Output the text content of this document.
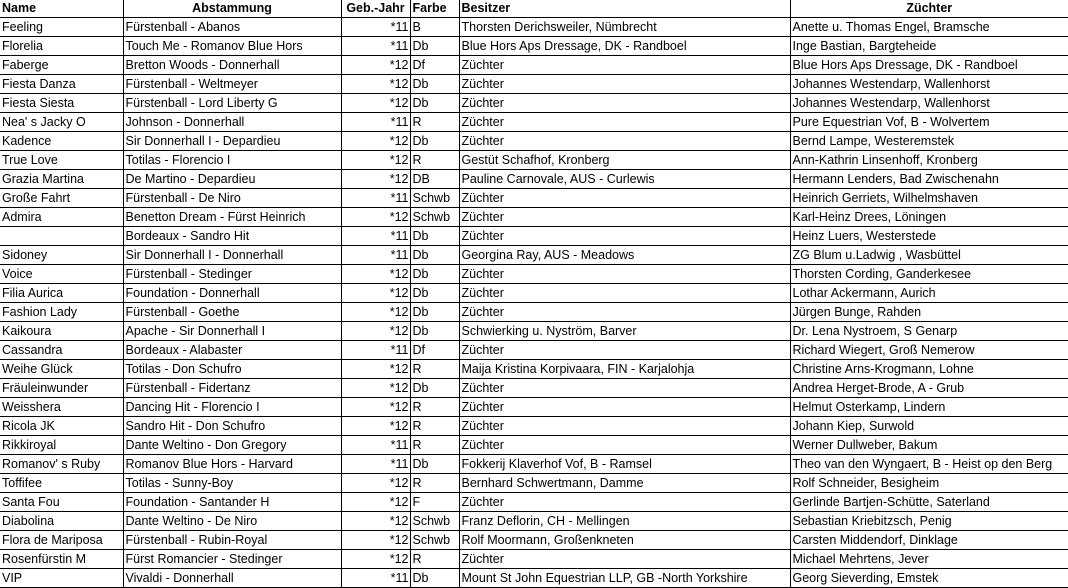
Name	Abstammung	Geb.-Jahr	Farbe	Besitzer	Züchter
Feeling	Fürstenball - Abanos	*11	B	Thorsten Derichsweiler, Nümbrecht	Anette u. Thomas Engel, Bramsche
Florelia	Touch Me - Romanov Blue Hors	*11	Db	Blue Hors Aps Dressage, DK - Randboel	Inge Bastian, Bargteheide
Faberge	Bretton Woods - Donnerhall	*12	Df	Züchter	Blue Hors Aps Dressage, DK - Randboel
Fiesta Danza	Fürstenball - Weltmeyer	*12	Db	Züchter	Johannes Westendarp, Wallenhorst
Fiesta Siesta	Fürstenball - Lord Liberty G	*12	Db	Züchter	Johannes Westendarp, Wallenhorst
Nea' s Jacky O	Johnson - Donnerhall	*11	R	Züchter	Pure Equestrian Vof, B - Wolvertem
Kadence	Sir Donnerhall I - Depardieu	*12	Db	Züchter	Bernd Lampe, Westeremstek
True Love	Totilas - Florencio I	*12	R	Gestüt Schafhof, Kronberg	Ann-Kathrin Linsenhoff, Kronberg
Grazia Martina	De Martino - Depardieu	*12	DB	Pauline Carnovale, AUS - Curlewis	Hermann Lenders, Bad Zwischenahn
Große Fahrt	Fürstenball - De Niro	*11	Schwb	Züchter	Heinrich Gerriets, Wilhelmshaven
Admira	Benetton Dream - Fürst Heinrich	*12	Schwb	Züchter	Karl-Heinz Drees, Löningen
	Bordeaux - Sandro Hit	*11	Db	Züchter	Heinz Luers, Westerstede
Sidoney	Sir Donnerhall I - Donnerhall	*11	Db	Georgina Ray, AUS - Meadows	ZG Blum u.Ladwig , Wasbüttel
Voice	Fürstenball - Stedinger	*12	Db	Züchter	Thorsten Cording, Ganderkesee
Filia Aurica	Foundation - Donnerhall	*12	Db	Züchter	Lothar Ackermann, Aurich
Fashion Lady	Fürstenball - Goethe	*12	Db	Züchter	Jürgen Bunge, Rahden
Kaikoura	Apache - Sir Donnerhall I	*12	Db	Schwierking u. Nyström, Barver	Dr. Lena Nystroem, S Genarp
Cassandra	Bordeaux - Alabaster	*11	Df	Züchter	Richard Wiegert, Groß Nemerow
Weihe Glück	Totilas - Don Schufro	*12	R	Maija Kristina Korpivaara, FIN - Karjalohja	Christine Arns-Krogmann, Lohne
Fräuleinwunder	Fürstenball - Fidertanz	*12	Db	Züchter	Andrea Herget-Brode, A - Grub
Weisshera	Dancing Hit - Florencio I	*12	R	Züchter	Helmut Osterkamp, Lindern
Ricola JK	Sandro Hit - Don Schufro	*12	R	Züchter	Johann Kiep, Surwold
Rikkiroyal	Dante Weltino - Don Gregory	*11	R	Züchter	Werner Dullweber, Bakum
Romanov' s Ruby	Romanov Blue Hors - Harvard	*11	Db	Fokkerij Klaverhof Vof, B - Ramsel	Theo van den Wyngaert, B - Heist op den Berg
Toffifee	Totilas - Sunny-Boy	*12	R	Bernhard Schwertmann, Damme	Rolf Schneider, Besigheim
Santa Fou	Foundation - Santander H	*12	F	Züchter	Gerlinde Bartjen-Schütte, Saterland
Diabolina	Dante Weltino - De Niro	*12	Schwb	Franz Deflorin, CH - Mellingen	Sebastian Kriebitzsch, Penig
Flora de Mariposa	Fürstenball - Rubin-Royal	*12	Schwb	Rolf Moormann, Großenkneten	Carsten Middendorf, Dinklage
Rosenfürstin M	Fürst Romancier - Stedinger	*12	R	Züchter	Michael Mehrtens, Jever
VIP	Vivaldi - Donnerhall	*11	Db	Mount St John Equestrian LLP, GB -North Yorkshire	Georg Sieverding, Emstek
